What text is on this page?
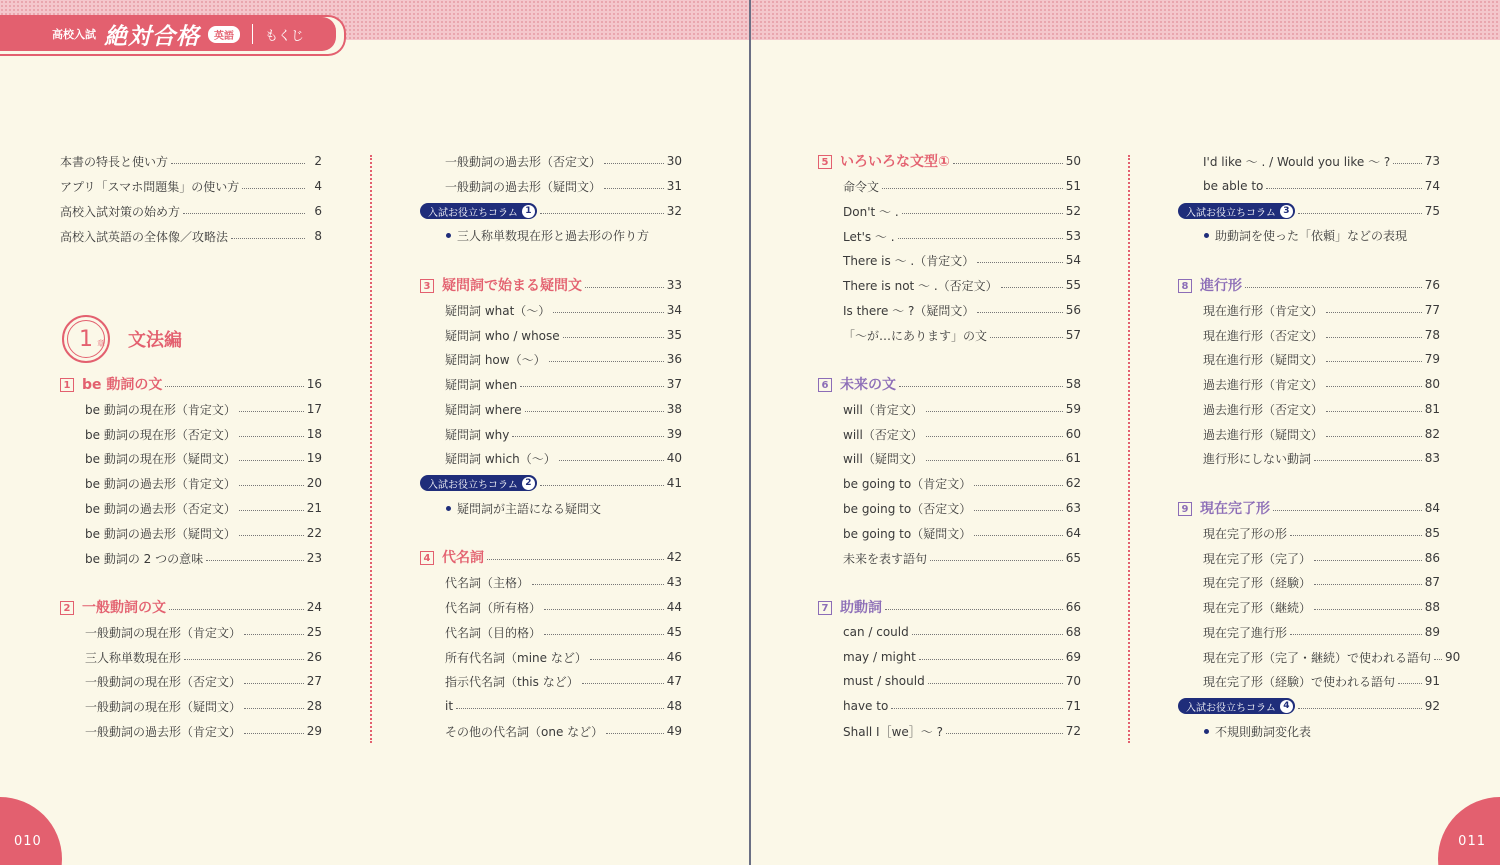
高校入試 絶対合格	英語	もくじ
010	011
1 章 文法編
本書の特長と使い方	2
アプリ「スマホ問題集」の使い方	4
高校入試対策の始め方	6
高校入試英語の全体像／攻略法	8
1 be 動詞の文	16
be 動詞の現在形（肯定文）	17
be 動詞の現在形（否定文）	18
be 動詞の現在形（疑問文）	19
be 動詞の過去形（肯定文）	20
be 動詞の過去形（否定文）	21
be 動詞の過去形（疑問文）	22
be 動詞の 2 つの意味	23
2 一般動詞の文	24
一般動詞の現在形（肯定文）	25
三人称単数現在形	26
一般動詞の現在形（否定文）	27
一般動詞の現在形（疑問文）	28
一般動詞の過去形（肯定文）	29
一般動詞の過去形（否定文）	30
一般動詞の過去形（疑問文）	31
入試お役立ちコラム 1	32
三人称単数現在形と過去形の作り方
3 疑問詞で始まる疑問文	33
疑問詞 what（～）	34
疑問詞 who / whose	35
疑問詞 how（～）	36
疑問詞 when	37
疑問詞 where	38
疑問詞 why	39
疑問詞 which（～）	40
入試お役立ちコラム 2	41
疑問詞が主語になる疑問文
4 代名詞	42
代名詞（主格）	43
代名詞（所有格）	44
代名詞（目的格）	45
所有代名詞（mine など）	46
指示代名詞（this など）	47
it	48
その他の代名詞（one など）	49
5 いろいろな文型①	50
命令文	51
Don't ～ .	52
Let's ～ .	53
There is ～ .（肯定文）	54
There is not ～ .（否定文）	55
Is there ～ ?（疑問文）	56
「～が…にあります」の文	57
6 未来の文	58
will（肯定文）	59
will（否定文）	60
will（疑問文）	61
be going to（肯定文）	62
be going to（否定文）	63
be going to（疑問文）	64
未来を表す語句	65
7 助動詞	66
can / could	68
may / might	69
must / should	70
have to	71
Shall I［we］～ ?	72
I'd like ～ . / Would you like ～ ?	73
be able to	74
入試お役立ちコラム 3	75
助動詞を使った「依頼」などの表現
8 進行形	76
現在進行形（肯定文）	77
現在進行形（否定文）	78
現在進行形（疑問文）	79
過去進行形（肯定文）	80
過去進行形（否定文）	81
過去進行形（疑問文）	82
進行形にしない動詞	83
9 現在完了形	84
現在完了形の形	85
現在完了形（完了）	86
現在完了形（経験）	87
現在完了形（継続）	88
現在完了進行形	89
現在完了形（完了・継続）で使われる語句 90
現在完了形（経験）で使われる語句 91
入試お役立ちコラム 4	92
不規則動詞変化表
